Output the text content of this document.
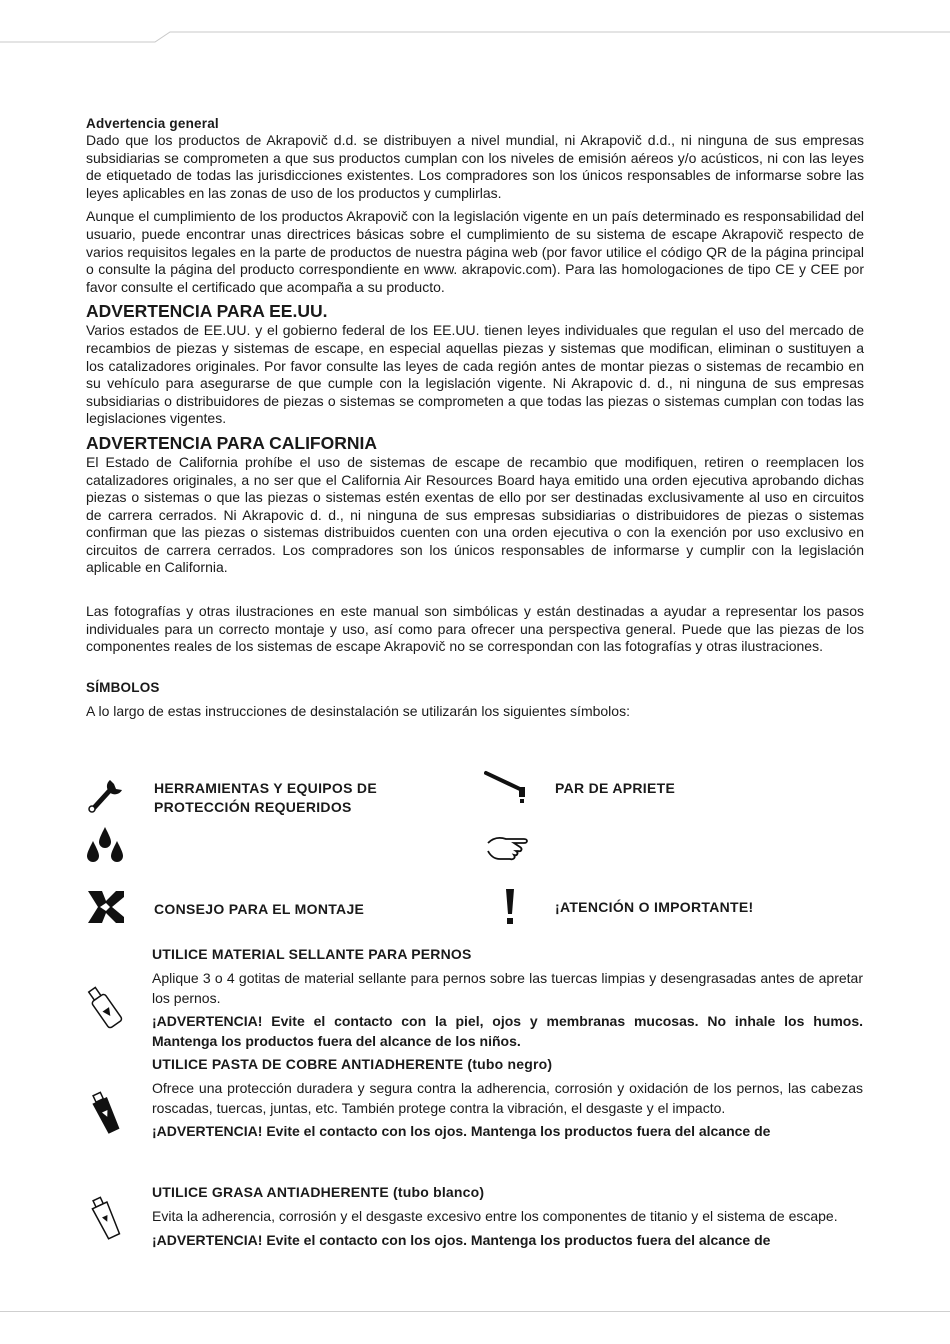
Advertencia general

Dado que los productos de Akrapovič d.d. se distribuyen a nivel mundial, ni Akrapovič d.d., ni ninguna de sus empresas subsidiarias se comprometen a que sus productos cumplan con los niveles de emisión aéreos y/o acústicos, ni con las leyes de etiquetado de todas las jurisdicciones existentes. Los compradores son los únicos responsables de informarse sobre las leyes aplicables en las zonas de uso de los productos y cumplirlas.

Aunque el cumplimiento de los productos Akrapovič con la legislación vigente en un país determinado es responsabilidad del usuario, puede encontrar unas directrices básicas sobre el cumplimiento de su sistema de escape Akrapovič respecto de varios requisitos legales en la parte de productos de nuestra página web (por favor utilice el código QR de la página principal o consulte la página del producto correspondiente en www. akrapovic.com). Para las homologaciones de tipo CE y CEE por favor consulte el certificado que acompaña a su producto.

ADVERTENCIA PARA EE.UU.

Varios estados de EE.UU. y el gobierno federal de los EE.UU. tienen leyes individuales que regulan el uso del mercado de recambios de piezas y sistemas de escape, en especial aquellas piezas y sistemas que modifican, eliminan o sustituyen a los catalizadores originales. Por favor consulte las leyes de cada región antes de montar piezas o sistemas de recambio en su vehículo para asegurarse de que cumple con la legislación vigente. Ni Akrapovic d. d., ni ninguna de sus empresas subsidiarias o distribuidores de piezas o sistemas se comprometen a que todas las piezas o sistemas cumplan con todas las legislaciones vigentes.

ADVERTENCIA PARA CALIFORNIA

El Estado de California prohíbe el uso de sistemas de escape de recambio que modifiquen, retiren o reemplacen los catalizadores originales, a no ser que el California Air Resources Board haya emitido una orden ejecutiva aprobando dichas piezas o sistemas o que las piezas o sistemas estén exentas de ello por ser destinadas exclusivamente al uso en circuitos de carrera cerrados. Ni Akrapovic d. d., ni ninguna de sus empresas subsidiarias o distribuidores de piezas o sistemas confirman que las piezas o sistemas distribuidos cuenten con una orden ejecutiva o con la exención por uso exclusivo en circuitos de carrera cerrados. Los compradores son los únicos responsables de informarse y cumplir con la legislación aplicable en California.

Las fotografías y otras ilustraciones en este manual son simbólicas y están destinadas a ayudar a representar los pasos individuales para un correcto montaje y uso, así como para ofrecer una perspectiva general. Puede que las piezas de los componentes reales de los sistemas de escape Akrapovič no se correspondan con las fotografías y otras ilustraciones.

SÍMBOLOS

A lo largo de estas instrucciones de desinstalación se utilizarán los siguientes símbolos:

HERRAMIENTAS Y EQUIPOS DE PROTECCIÓN REQUERIDOS
PAR DE APRIETE
CONSEJO PARA EL MONTAJE	¡ATENCIÓN O IMPORTANTE!
UTILICE MATERIAL SELLANTE PARA PERNOS

Aplique 3 o 4 gotitas de material sellante para pernos sobre las tuercas limpias y desengrasadas antes de apretar los pernos.

¡ADVERTENCIA! Evite el contacto con la piel, ojos y membranas mucosas. No inhale los humos. Mantenga los productos fuera del alcance de los niños.

UTILICE PASTA DE COBRE ANTIADHERENTE (tubo negro)

Ofrece una protección duradera y segura contra la adherencia, corrosión y oxidación de los pernos, las cabezas roscadas, tuercas, juntas, etc. También protege contra la vibración, el desgaste y el impacto.

¡ADVERTENCIA! Evite el contacto con los ojos. Mantenga los productos fuera del alcance de

UTILICE GRASA ANTIADHERENTE (tubo blanco)

Evita la adherencia, corrosión y el desgaste excesivo entre los componentes de titanio y el sistema de escape.

¡ADVERTENCIA! Evite el contacto con los ojos. Mantenga los productos fuera del alcance de
